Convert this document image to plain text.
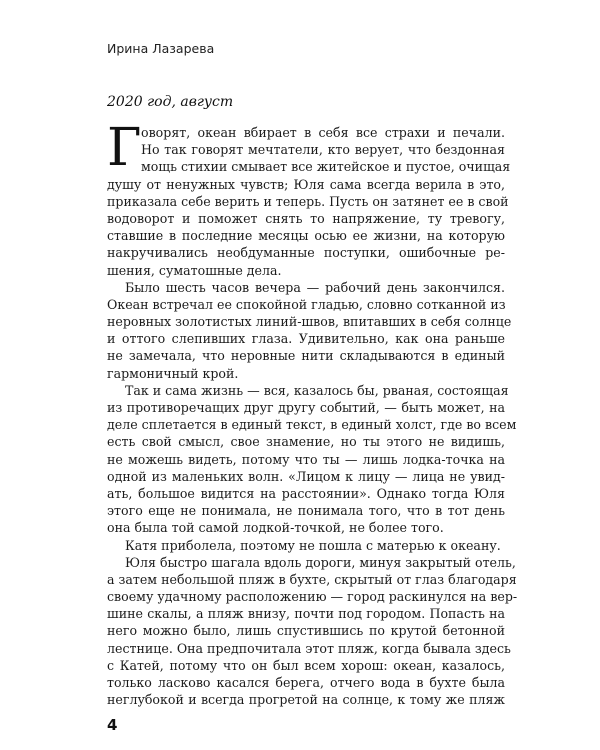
Ирина Лазарева
2020 год, август
Г оворят, океан вбирает в себя все страхи и печали.
Но так говорят мечтатели, кто верует, что бездонная
мощь стихии смывает все житейское и пустое, очищая
душу от ненужных чувств; Юля сама всегда верила в это,
приказала себе верить и теперь. Пусть он затянет ее в свой
водоворот и поможет снять то напряжение, ту тревогу,
ставшие в последние месяцы осью ее жизни, на которую
накручивались необдуманные поступки, ошибочные ре-
шения, суматошные дела.
Было шесть часов вечера — рабочий день закончился.
Океан встречал ее спокойной гладью, словно сотканной из
неровных золотистых линий-швов, впитавших в себя солнце
и оттого слепивших глаза. Удивительно, как она раньше
не замечала, что неровные нити складываются в единый
гармоничный крой.
Так и сама жизнь — вся, казалось бы, рваная, состоящая
из противоречащих друг другу событий, — быть может, на
деле сплетается в единый текст, в единый холст, где во всем
есть свой смысл, свое знамение, но ты этого не видишь,
не можешь видеть, потому что ты — лишь лодка-точка на
одной из маленьких волн. «Лицом к лицу — лица не увид-
ать, большое видится на расстоянии». Однако тогда Юля
этого еще не понимала, не понимала того, что в тот день
она была той самой лодкой-точкой, не более того.
Катя приболела, поэтому не пошла с матерью к океану.
Юля быстро шагала вдоль дороги, минуя закрытый отель,
а затем небольшой пляж в бухте, скрытый от глаз благодаря
своему удачному расположению — город раскинулся на вер-
шине скалы, а пляж внизу, почти под городом. Попасть на
него можно было, лишь спустившись по крутой бетонной
лестнице. Она предпочитала этот пляж, когда бывала здесь
с Катей, потому что он был всем хорош: океан, казалось,
только ласково касался берега, отчего вода в бухте была
неглубокой и всегда прогретой на солнце, к тому же пляж
4
